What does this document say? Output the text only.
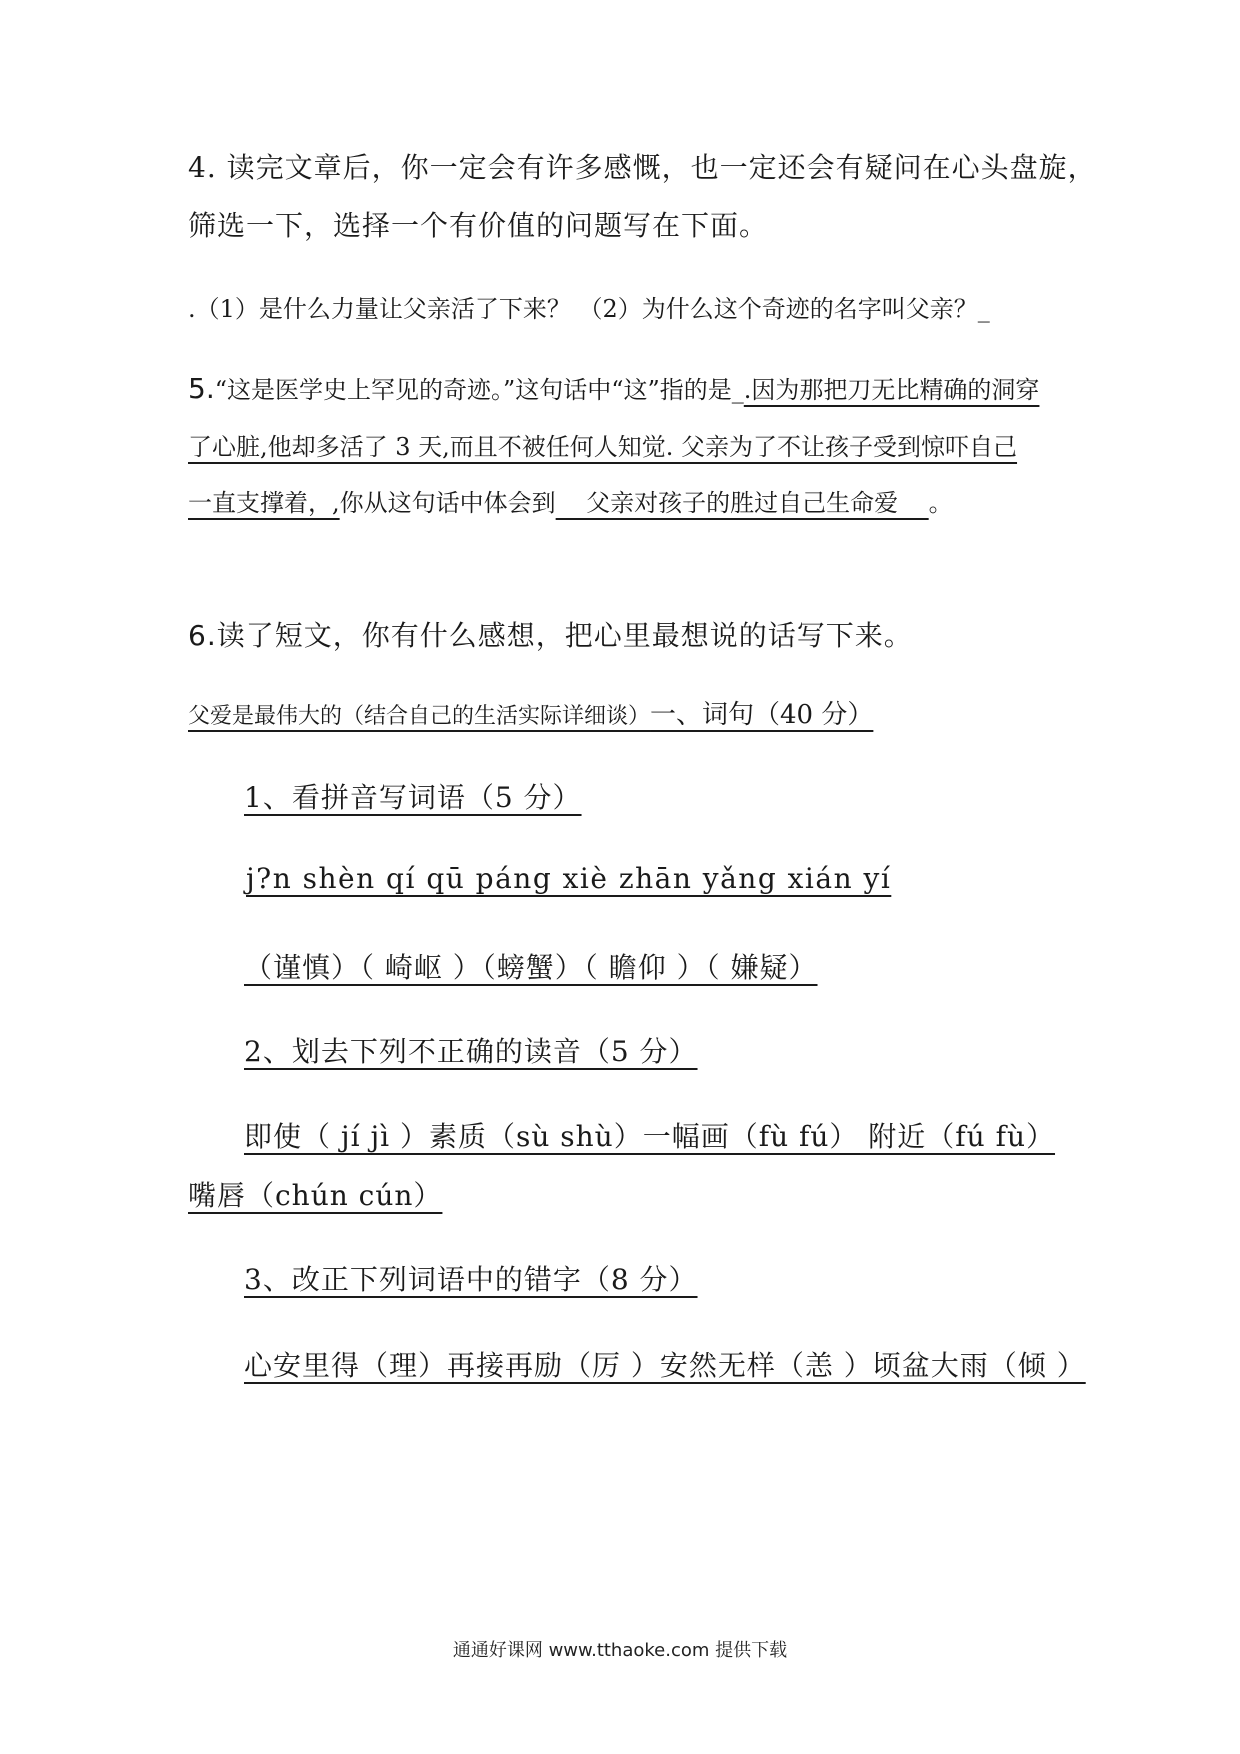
4. 读完文章后，你一定会有许多感慨，也一定还会有疑问在心头盘旋，
筛选一下，选择一个有价值的问题写在下面。
.（1）是什么力量让父亲活了下来？ （2）为什么这个奇迹的名字叫父亲？_
5.“这是医学史上罕见的奇迹。”这句话中“这”指的是_.因为那把刀无比精确的洞穿
了心脏,他却多活了 3 天,而且不被任何人知觉. 父亲为了不让孩子受到惊吓自己
一直支撑着，,你从这句话中体会到    父亲对孩子的胜过自己生命爱    。
6.读了短文，你有什么感想，把心里最想说的话写下来。
父爱是最伟大的（结合自己的生活实际详细谈）一、词句（40 分）
1、看拼音写词语（5 分）
j?n shèn qí qū páng xiè zhān yǎng xián yí
（谨慎）（ 崎岖 ）（螃蟹）（ 瞻仰 ）（ 嫌疑）
2、划去下列不正确的读音（5 分）
即使（ jí jì ）素质（sù shù）一幅画（fù fú） 附近（fú fù）
嘴唇（chún cún）
3、改正下列词语中的错字（8 分）
心安里得（理）再接再励（厉 ）安然无样（恙 ）顷盆大雨（倾 ）
通通好课网 www.tthaoke.com 提供下载
